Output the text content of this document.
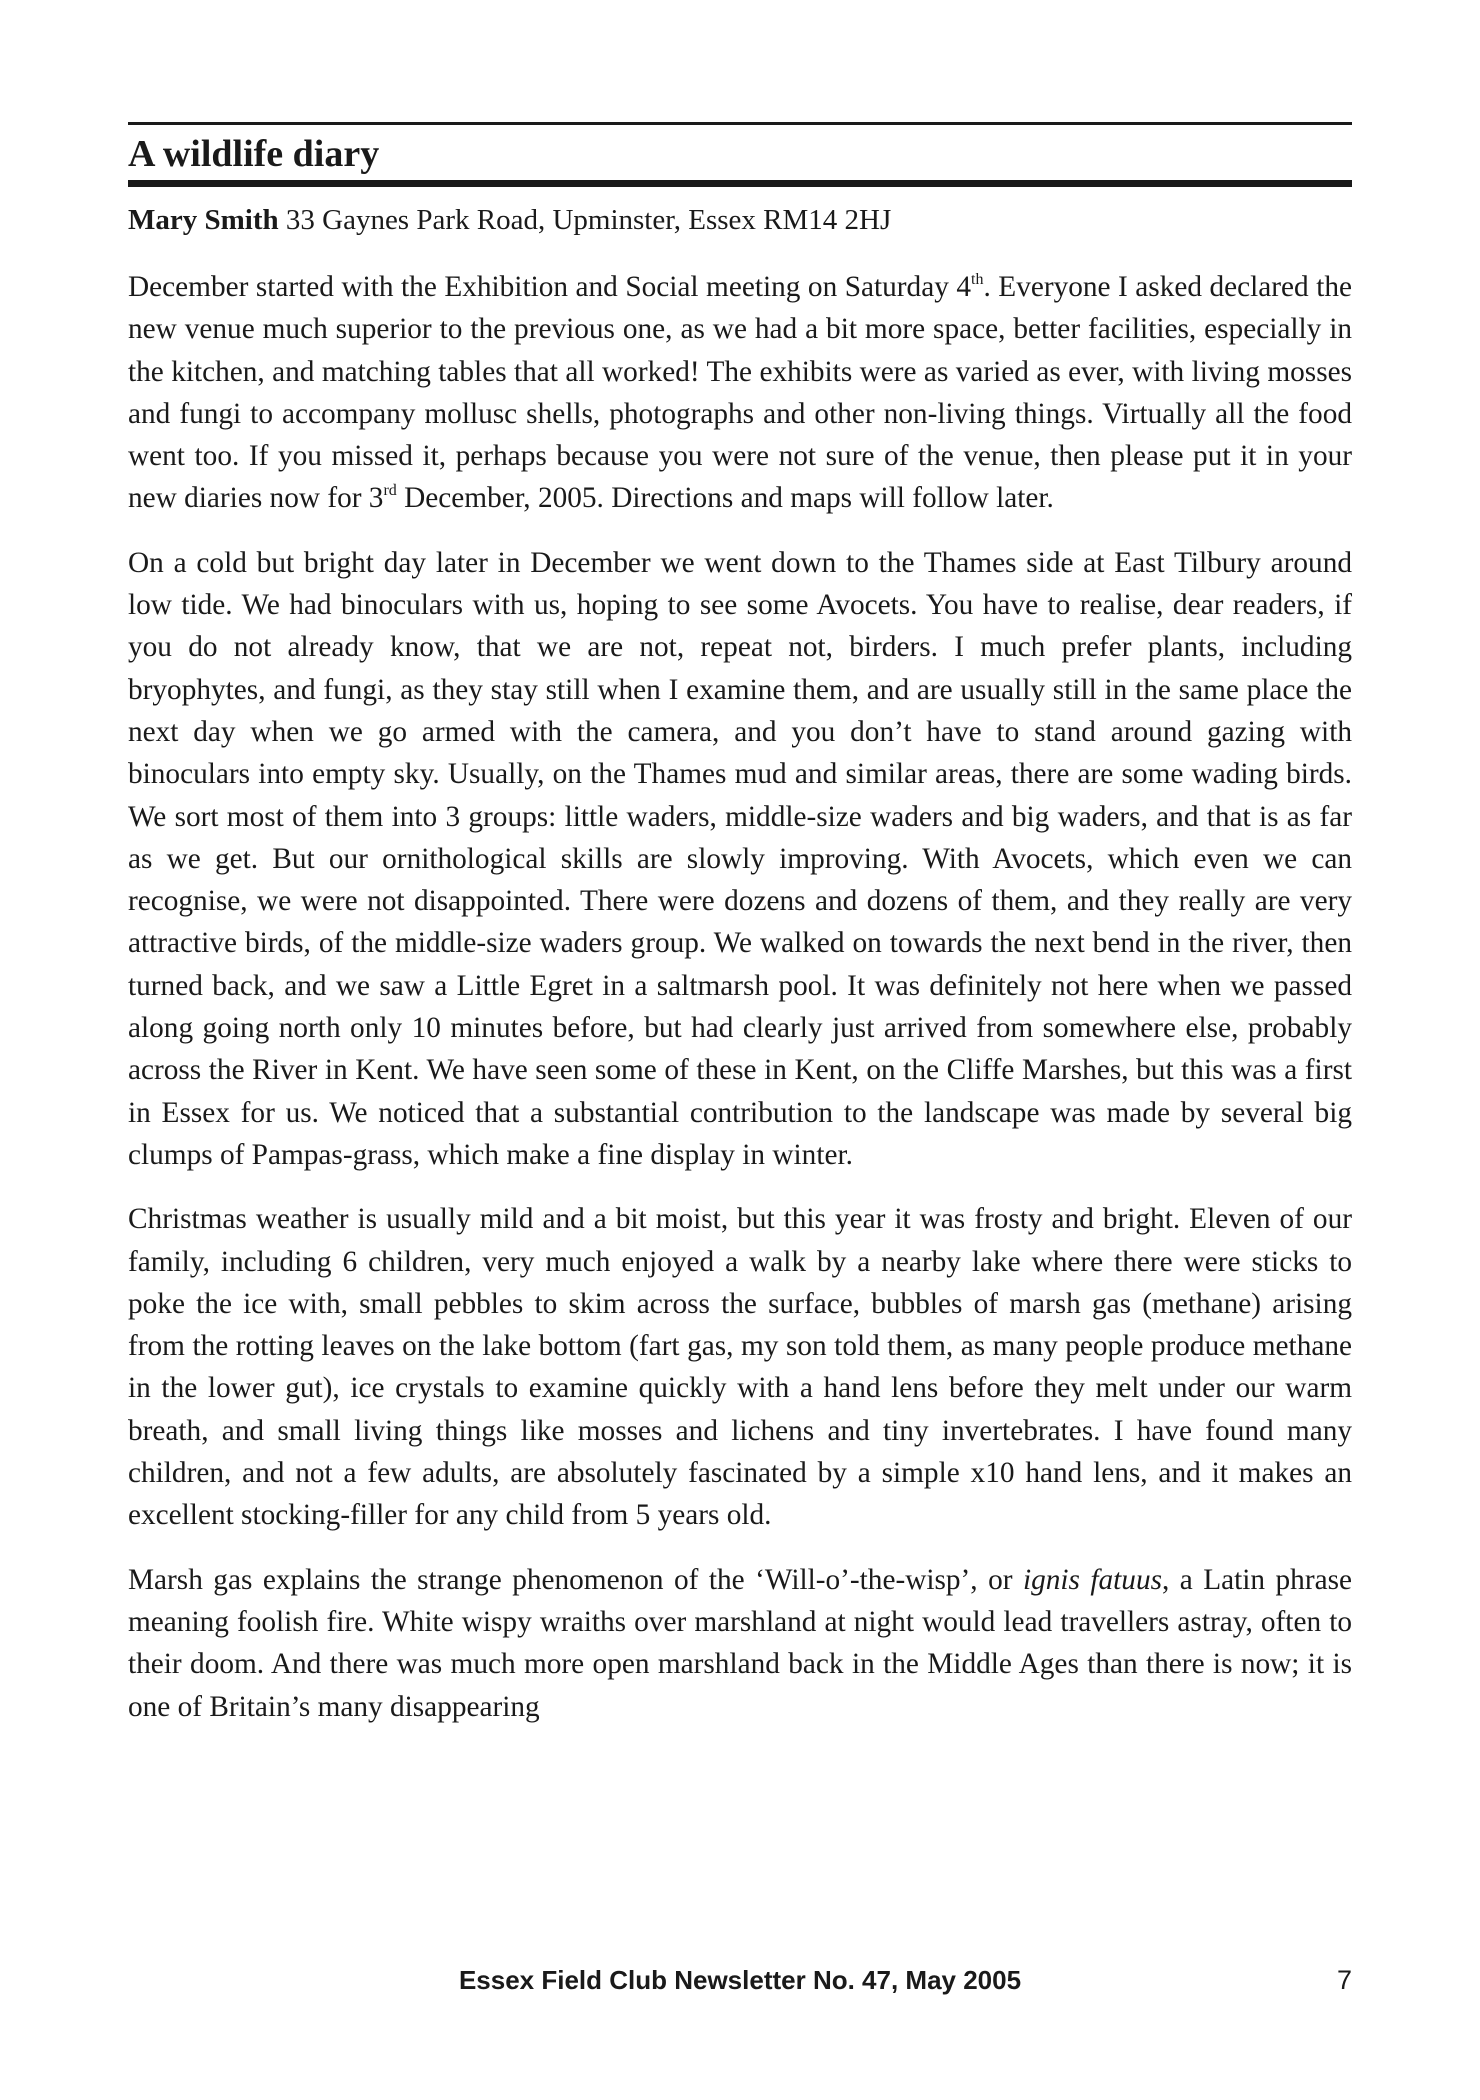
A wildlife diary

Mary Smith 33 Gaynes Park Road, Upminster, Essex RM14 2HJ

December started with the Exhibition and Social meeting on Saturday 4th. Everyone I asked declared the new venue much superior to the previous one, as we had a bit more space, better facilities, especially in the kitchen, and matching tables that all worked! The exhibits were as varied as ever, with living mosses and fungi to accompany mollusc shells, photographs and other non-living things. Virtually all the food went too. If you missed it, perhaps because you were not sure of the venue, then please put it in your new diaries now for 3rd December, 2005. Directions and maps will follow later.

On a cold but bright day later in December we went down to the Thames side at East Tilbury around low tide. We had binoculars with us, hoping to see some Avocets. You have to realise, dear readers, if you do not already know, that we are not, repeat not, birders. I much prefer plants, including bryophytes, and fungi, as they stay still when I examine them, and are usually still in the same place the next day when we go armed with the camera, and you don’t have to stand around gazing with binoculars into empty sky. Usually, on the Thames mud and similar areas, there are some wading birds. We sort most of them into 3 groups: little waders, middle-size waders and big waders, and that is as far as we get. But our ornithological skills are slowly improving. With Avocets, which even we can recognise, we were not disappointed. There were dozens and dozens of them, and they really are very attractive birds, of the middle-size waders group. We walked on towards the next bend in the river, then turned back, and we saw a Little Egret in a saltmarsh pool. It was definitely not here when we passed along going north only 10 minutes before, but had clearly just arrived from somewhere else, probably across the River in Kent. We have seen some of these in Kent, on the Cliffe Marshes, but this was a first in Essex for us. We noticed that a substantial contribution to the landscape was made by several big clumps of Pampas-grass, which make a fine display in winter.

Christmas weather is usually mild and a bit moist, but this year it was frosty and bright. Eleven of our family, including 6 children, very much enjoyed a walk by a nearby lake where there were sticks to poke the ice with, small pebbles to skim across the surface, bubbles of marsh gas (methane) arising from the rotting leaves on the lake bottom (fart gas, my son told them, as many people produce methane in the lower gut), ice crystals to examine quickly with a hand lens before they melt under our warm breath, and small living things like mosses and lichens and tiny invertebrates. I have found many children, and not a few adults, are absolutely fascinated by a simple x10 hand lens, and it makes an excellent stocking-filler for any child from 5 years old.

Marsh gas explains the strange phenomenon of the ‘Will-o’-the-wisp’, or ignis fatuus, a Latin phrase meaning foolish fire. White wispy wraiths over marshland at night would lead travellers astray, often to their doom. And there was much more open marshland back in the Middle Ages than there is now; it is one of Britain’s many disappearing

Essex Field Club Newsletter No. 47, May 2005	7
